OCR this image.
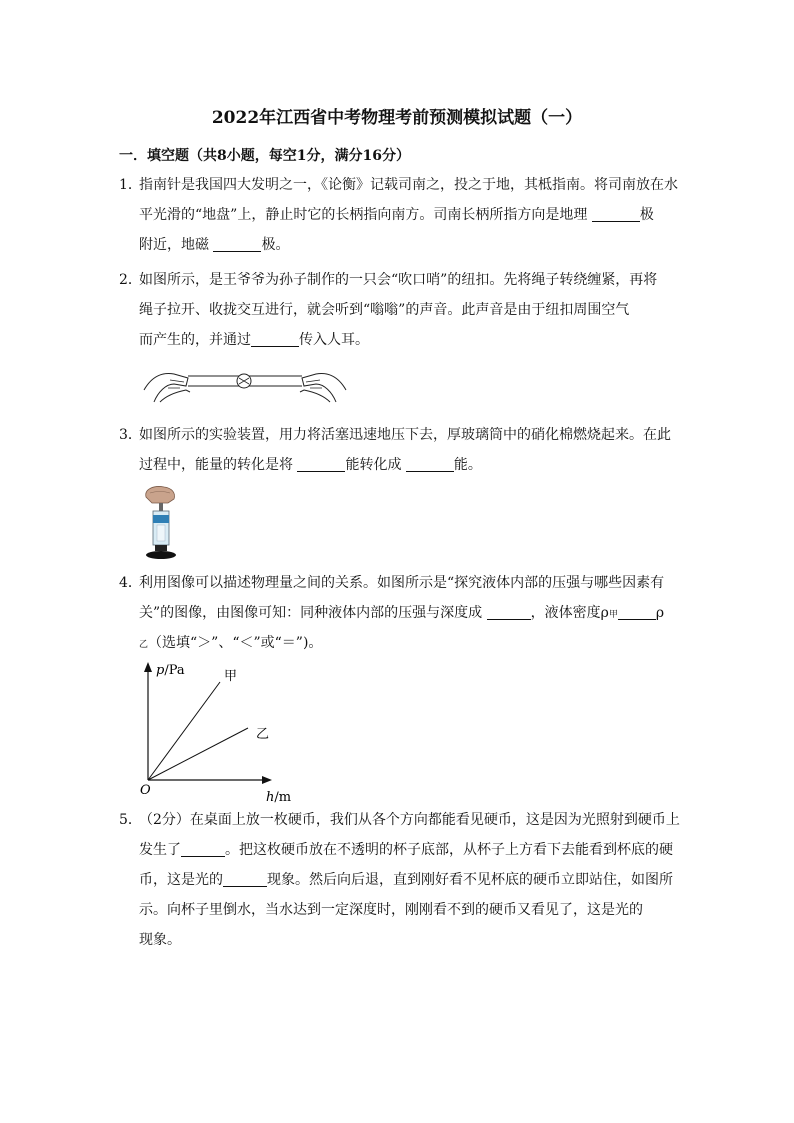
2022年江西省中考物理考前预测模拟试题（一）
一．填空题（共8小题，每空1分，满分16分）
1．指南针是我国四大发明之一，《论衡》记载司南之，投之于地，其柢指南。将司南放在水
平光滑的“地盘”上，静止时它的长柄指向南方。司南长柄所指方向是地理	极
附近，地磁	极。
2．如图所示，是王爷爷为孙子制作的一只会“吹口哨”的纽扣。先将绳子转绕缠紧，再将
绳子拉开、收拢交互进行，就会听到“嗡嗡”的声音。此声音是由于纽扣周围空气
而产生的，并通过	传入人耳。
3．如图所示的实验装置，用力将活塞迅速地压下去，厚玻璃筒中的硝化棉燃烧起来。在此
过程中，能量的转化是将	能转化成	能。
4．利用图像可以描述物理量之间的关系。如图所示是“探究液体内部的压强与哪些因素有
关”的图像，由图像可知：同种液体内部的压强与深度成	，液体密度ρ甲	ρ
乙（选填“＞”、“＜”或“＝”)。
p/Pa	甲
乙
O	h/m
5．（2分）在桌面上放一枚硬币，我们从各个方向都能看见硬币，这是因为光照射到硬币上
发生了	。把这枚硬币放在不透明的杯子底部，从杯子上方看下去能看到杯底的硬
币，这是光的	现象。然后向后退，直到刚好看不见杯底的硬币立即站住，如图所
示。向杯子里倒水，当水达到一定深度时，刚刚看不到的硬币又看见了，这是光的
现象。
